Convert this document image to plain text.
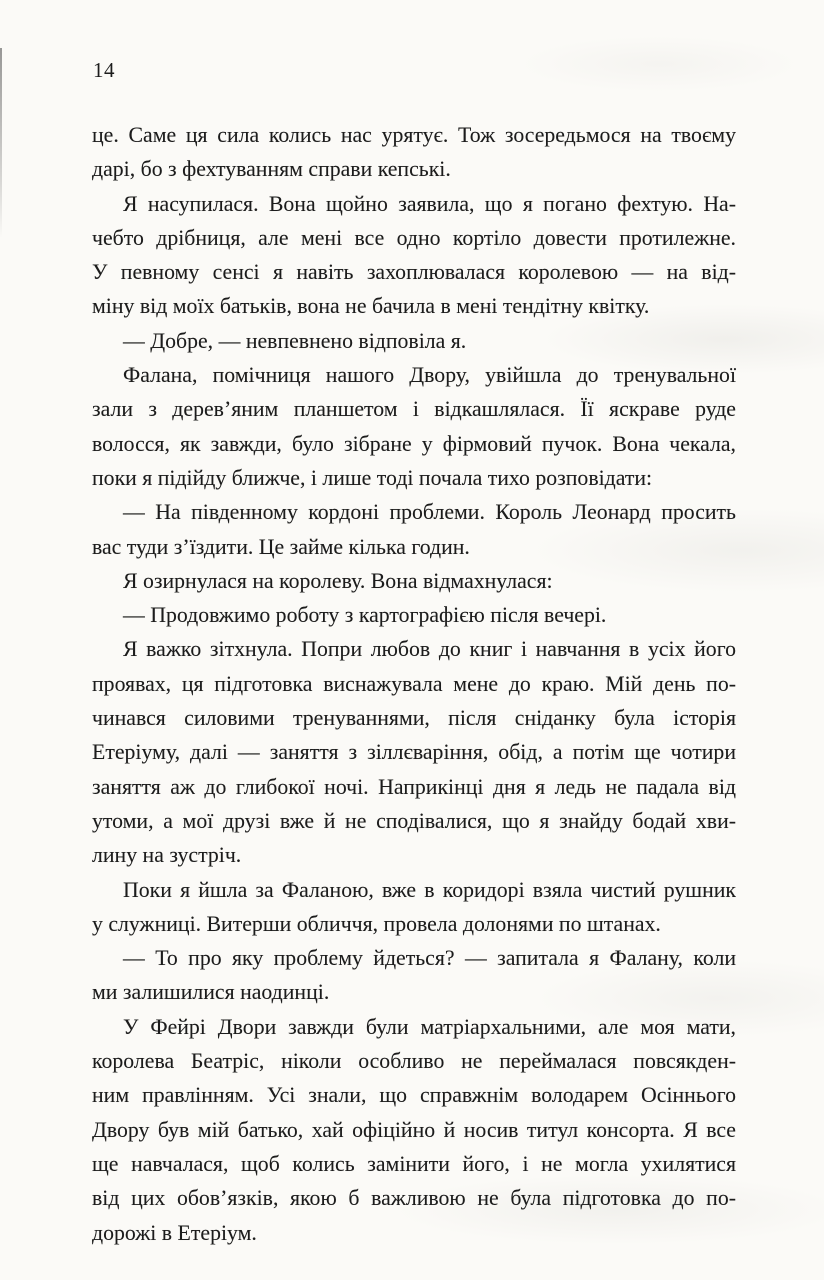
14
це. Саме ця сила колись нас урятує. Тож зосередьмося на твоєму
дарі, бо з фехтуванням справи кепські.
Я насупилася. Вона щойно заявила, що я погано фехтую. На-
чебто дрібниця, але мені все одно кортіло довести протилежне.
У певному сенсі я навіть захоплювалася королевою — на від-
міну від моїх батьків, вона не бачила в мені тендітну квітку.
— Добре, — невпевнено відповіла я.
Фалана, помічниця нашого Двору, увійшла до тренувальної
зали з дерев’яним планшетом і відкашлялася. Її яскраве руде
волосся, як завжди, було зібране у фірмовий пучок. Вона чекала,
поки я підійду ближче, і лише тоді почала тихо розповідати:
— На південному кордоні проблеми. Король Леонард просить
вас туди з’їздити. Це займе кілька годин.
Я озирнулася на королеву. Вона відмахнулася:
— Продовжимо роботу з картографією після вечері.
Я важко зітхнула. Попри любов до книг і навчання в усіх його
проявах, ця підготовка виснажувала мене до краю. Мій день по-
чинався силовими тренуваннями, після сніданку була історія
Етеріуму, далі — заняття з зіллєваріння, обід, а потім ще чотири
заняття аж до глибокої ночі. Наприкінці дня я ледь не падала від
утоми, а мої друзі вже й не сподівалися, що я знайду бодай хви-
лину на зустріч.
Поки я йшла за Фаланою, вже в коридорі взяла чистий рушник
у служниці. Витерши обличчя, провела долонями по штанах.
— То про яку проблему йдеться? — запитала я Фалану, коли
ми залишилися наодинці.
У Фейрі Двори завжди були матріархальними, але моя мати,
королева Беатріс, ніколи особливо не переймалася повсякден-
ним правлінням. Усі знали, що справжнім володарем Осіннього
Двору був мій батько, хай офіційно й носив титул консорта. Я все
ще навчалася, щоб колись замінити його, і не могла ухилятися
від цих обов’язків, якою б важливою не була підготовка до по-
дорожі в Етеріум.
